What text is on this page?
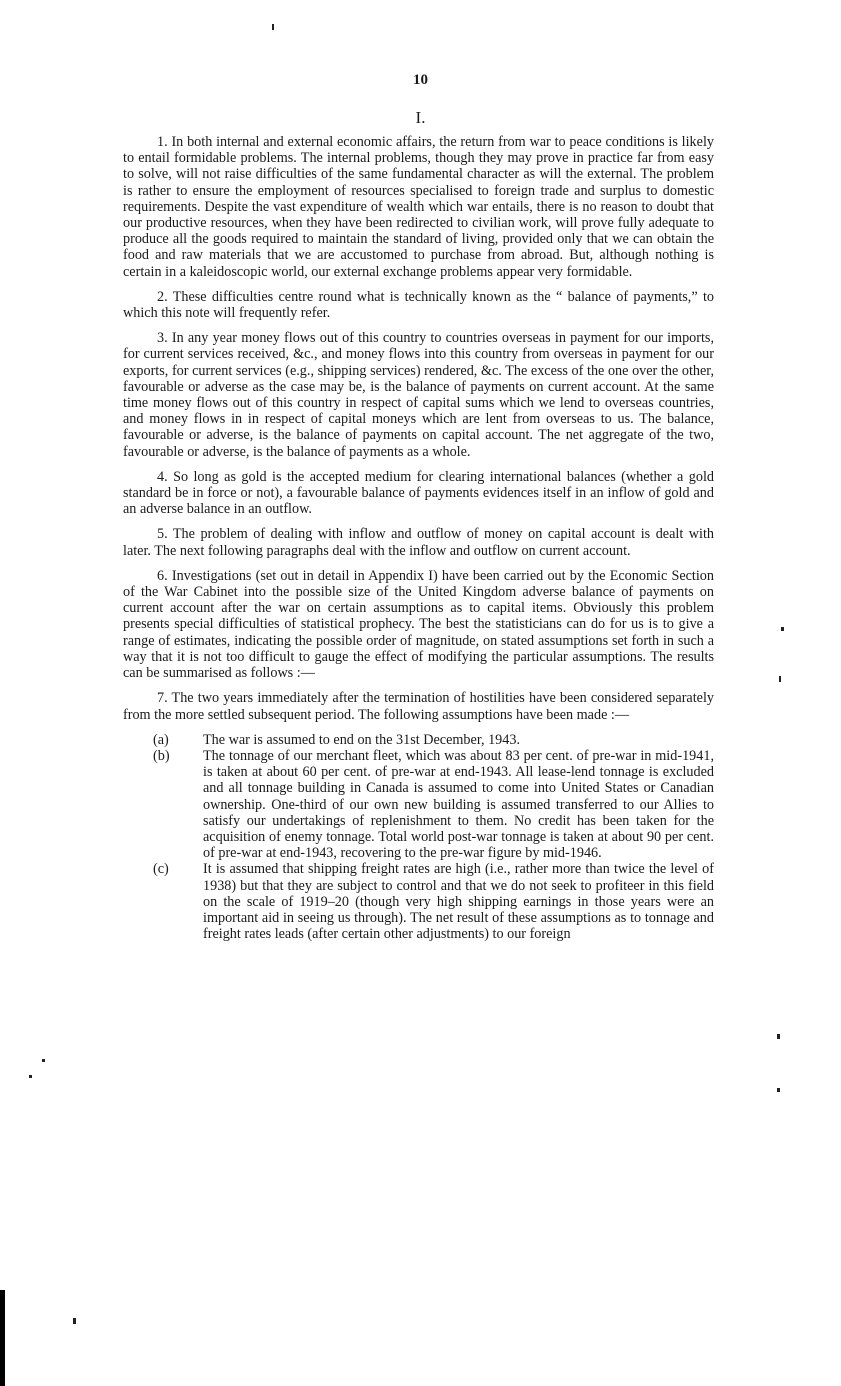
10
I.

1. In both internal and external economic affairs, the return from war to peace conditions is likely to entail formidable problems. The internal problems, though they may prove in practice far from easy to solve, will not raise difficulties of the same fundamental character as will the external. The problem is rather to ensure the employment of resources specialised to foreign trade and surplus to domestic requirements. Despite the vast expenditure of wealth which war entails, there is no reason to doubt that our productive resources, when they have been redirected to civilian work, will prove fully adequate to produce all the goods required to maintain the standard of living, provided only that we can obtain the food and raw materials that we are accustomed to purchase from abroad. But, although nothing is certain in a kaleidoscopic world, our external exchange problems appear very formidable.

2. These difficulties centre round what is technically known as the “ balance of payments,” to which this note will frequently refer.

3. In any year money flows out of this country to countries overseas in payment for our imports, for current services received, &c., and money flows into this country from overseas in payment for our exports, for current services (e.g., shipping services) rendered, &c. The excess of the one over the other, favourable or adverse as the case may be, is the balance of payments on current account. At the same time money flows out of this country in respect of capital sums which we lend to overseas countries, and money flows in in respect of capital moneys which are lent from overseas to us. The balance, favourable or adverse, is the balance of payments on capital account. The net aggregate of the two, favourable or adverse, is the balance of payments as a whole.

4. So long as gold is the accepted medium for clearing international balances (whether a gold standard be in force or not), a favourable balance of payments evidences itself in an inflow of gold and an adverse balance in an outflow.

5. The problem of dealing with inflow and outflow of money on capital account is dealt with later. The next following paragraphs deal with the inflow and outflow on current account.

6. Investigations (set out in detail in Appendix I) have been carried out by the Economic Section of the War Cabinet into the possible size of the United Kingdom adverse balance of payments on current account after the war on certain assumptions as to capital items. Obviously this problem presents special difficulties of statistical prophecy. The best the statisticians can do for us is to give a range of estimates, indicating the possible order of magnitude, on stated assumptions set forth in such a way that it is not too difficult to gauge the effect of modifying the particular assumptions. The results can be summarised as follows :—

7. The two years immediately after the termination of hostilities have been considered separately from the more settled subsequent period. The following assumptions have been made :—

(a) The war is assumed to end on the 31st December, 1943.
(b) The tonnage of our merchant fleet, which was about 83 per cent. of pre-war in mid-1941, is taken at about 60 per cent. of pre-war at end-1943. All lease-lend tonnage is excluded and all tonnage building in Canada is assumed to come into United States or Canadian ownership. One-third of our own new building is assumed transferred to our Allies to satisfy our undertakings of replenishment to them. No credit has been taken for the acquisition of enemy tonnage. Total world post-war tonnage is taken at about 90 per cent. of pre-war at end-1943, recovering to the pre-war figure by mid-1946.
(c) It is assumed that shipping freight rates are high (i.e., rather more than twice the level of 1938) but that they are subject to control and that we do not seek to profiteer in this field on the scale of 1919–20 (though very high shipping earnings in those years were an important aid in seeing us through). The net result of these assumptions as to tonnage and freight rates leads (after certain other adjustments) to our foreign
